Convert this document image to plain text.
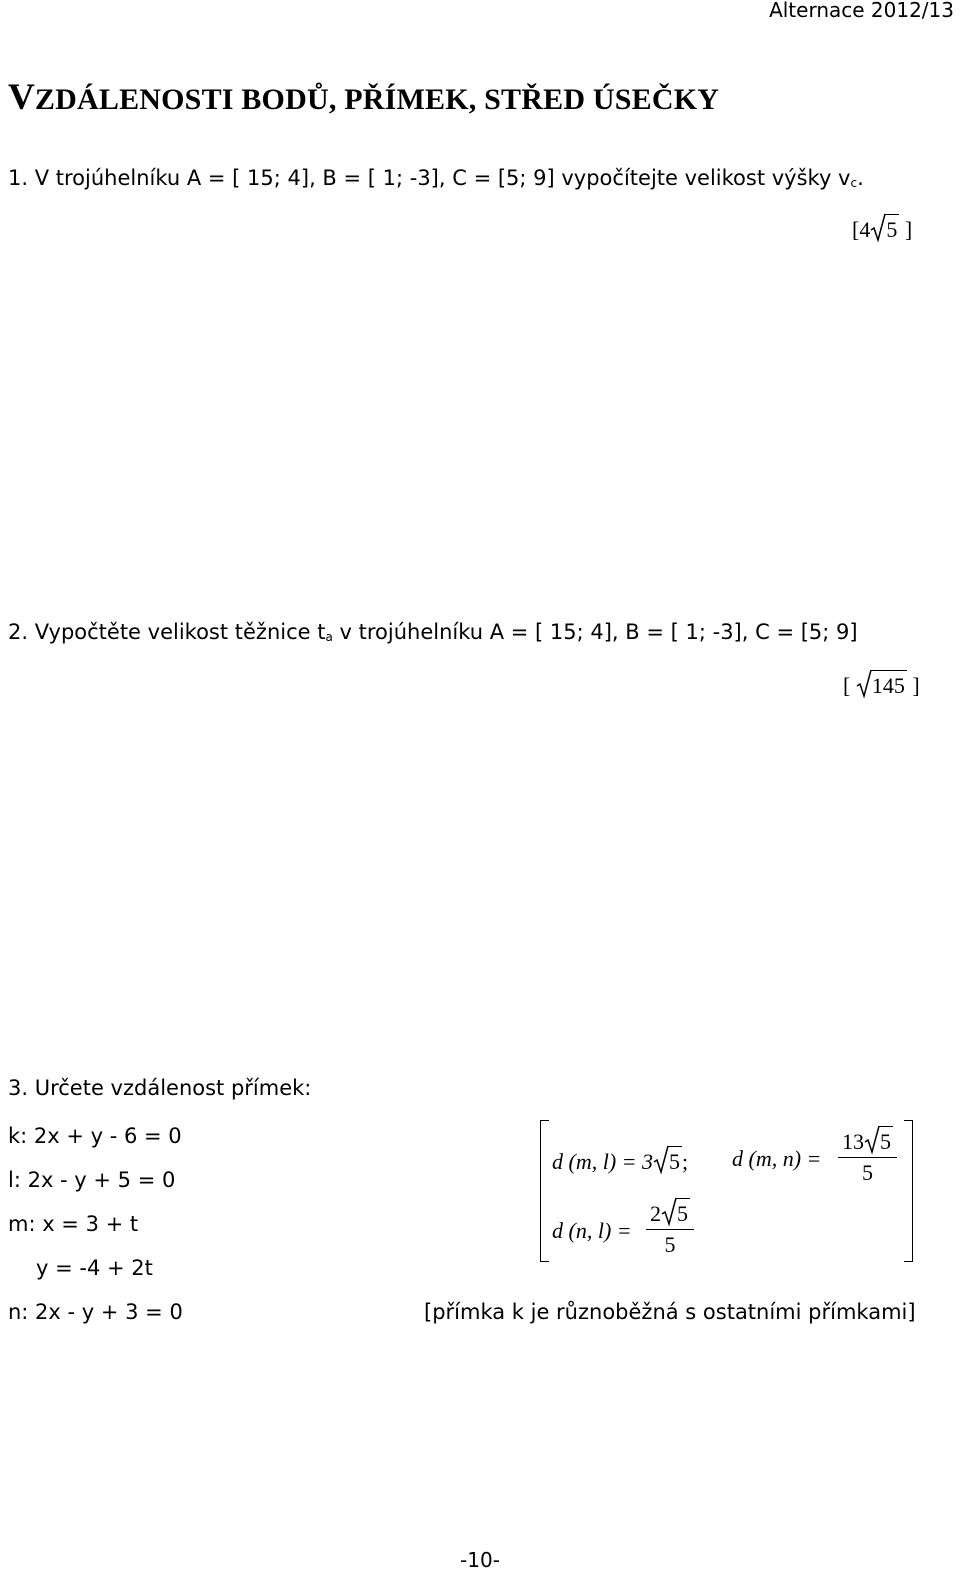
Alternace 2012/13
VZDÁLENOSTI BODŮ, PŘÍMEK, STŘED ÚSEČKY
1. V trojúhelníku A = [ 15; 4], B = [ 1; -3], C = [5; 9] vypočítejte velikost výšky $v_c$.
[4 5 ]
2. Vypočtěte velikost těžnice $t_a$ v trojúhelníku A = [ 15; 4], B = [ 1; -3], C = [5; 9]
[ 145 ]
3. Určete vzdálenost přímek:
k: 2x + y - 6 = 0
l: 2x - y + 5 = 0
m: x = 3 + t
y = -4 + 2t
n: 2x - y + 3 = 0
d (m, l) = 3 5; d (m, $n) = \frac{13 5}{5}$
d (n, $l) = \frac{2 5}{5}$
[přímka k je různoběžná s ostatními přímkami]
-10-
